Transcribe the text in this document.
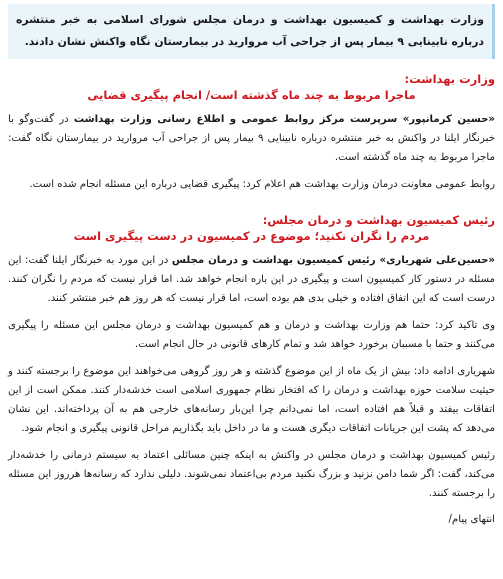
وزارت بهداشت و کمیسیون بهداشت و درمان مجلس شورای اسلامی به خبر منتشره درباره نابینایی ۹ بیمار پس از جراحی آب مروارید در بیمارستان نگاه واکنش نشان دادند.
وزارت بهداشت:
ماجرا مربوط به چند ماه گذشته است/ انجام پیگیری قضایی

«حسین کرمانپور» سرپرست مرکز روابط عمومی و اطلاع رسانی وزارت بهداشت در گفت‌وگو با خبرنگار ایلنا در واکنش به خبر منتشره درباره نابینایی ۹ بیمار پس از جراحی آب مروارید در بیمارستان نگاه گفت: ماجرا مربوط به چند ماه گذشته است.

روابط عمومی معاونت درمان وزارت بهداشت هم اعلام کرد: پیگیری قضایی درباره این مسئله انجام شده است.

رئیس کمیسیون بهداشت و درمان مجلس:
مردم را نگران نکنید؛ موضوع در کمیسیون در دست پیگیری است

«حسین‌علی شهریاری» رئیس کمیسیون بهداشت و درمان مجلس در این مورد به خبرنگار ایلنا گفت: این مسئله در دستور کار کمیسیون است و پیگیری در این باره انجام خواهد شد. اما قرار نیست که مردم را نگران کنند. درست است که این اتفاق افتاده و خیلی بدی هم بوده است، اما قرار نیست که هر روز هم خبر منتشر کنند.

وی تاکید کرد: حتما هم وزارت بهداشت و درمان و هم کمیسیون بهداشت و درمان مجلس این مسئله را پیگیری می‌کنند و حتما با مسببان برخورد خواهد شد و تمام کارهای قانونی در حال انجام است.

شهریاری ادامه داد: بیش از یک ماه از این موضوع گذشته و هر روز گروهی می‌خواهند این موضوع را برجسته کنند و حیثیت سلامت حوزه بهداشت و درمان را که افتخار نظام جمهوری اسلامی است خدشه‌دار کنند. ممکن است از این اتفاقات بیفتد و قبلاً هم افتاده است، اما نمی‌دانم چرا این‌بار رسانه‌های خارجی هم به آن پرداخته‌اند. این نشان می‌دهد که پشت این جریانات اتفاقات دیگری هست و ما در داخل باید بگذاریم مراحل قانونی پیگیری و انجام شود.

رئیس کمیسیون بهداشت و درمان مجلس در واکنش به اینکه چنین مسائلی اعتماد به سیستم درمانی را خدشه‌دار می‌کند، گفت: اگر شما دامن نزنید و بزرگ نکنید مردم بی‌اعتماد نمی‌شوند. دلیلی ندارد که رسانه‌ها هرروز این مسئله را برجسته کنند.

انتهای پیام/
